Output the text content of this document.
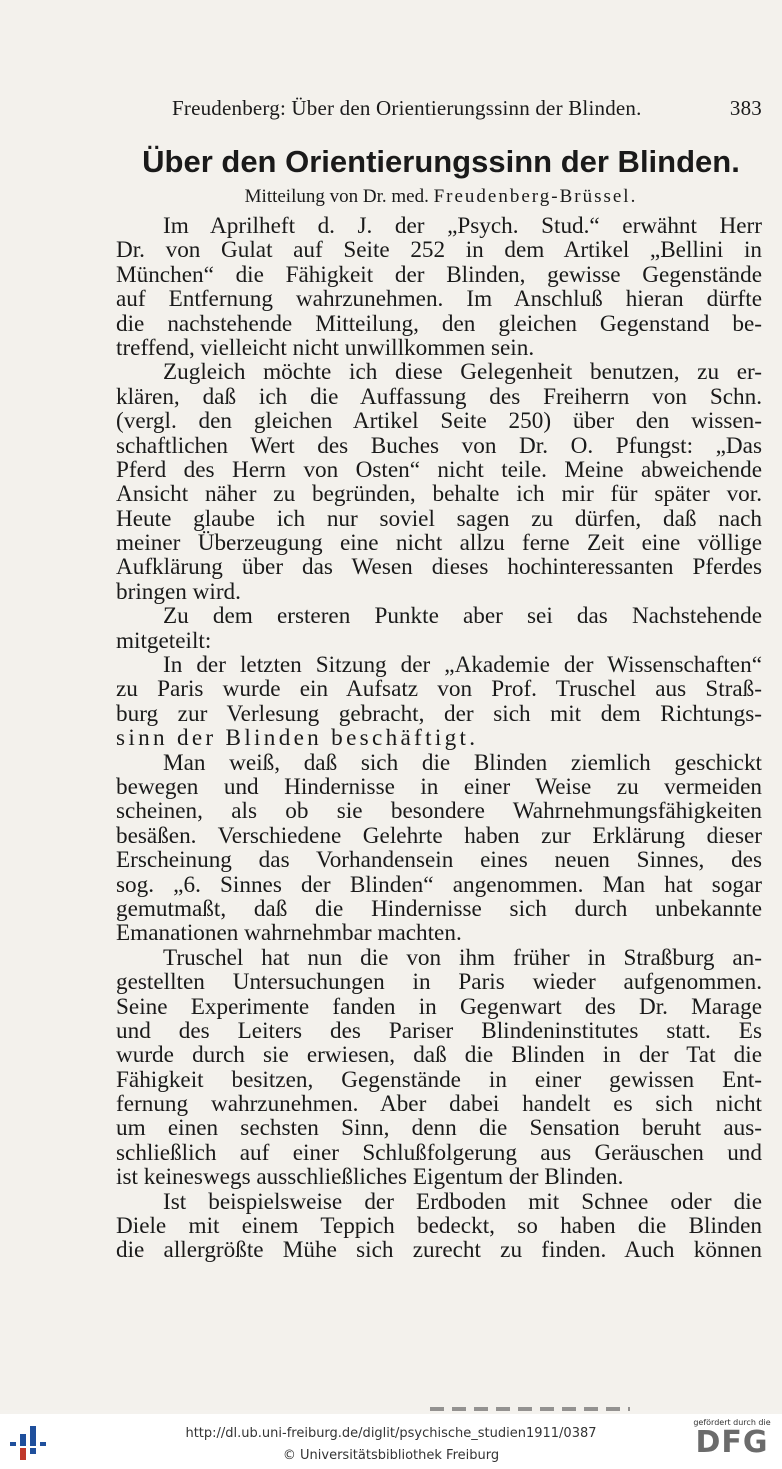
Freudenberg: Über den Orientierungssinn der Blinden.	383
Über den Orientierungssinn der Blinden.
Mitteilung von Dr. med. Freudenberg-Brüssel.
Im Aprilheft d. J. der „Psych. Stud.“ erwähnt Herr
Dr. von Gulat auf Seite 252 in dem Artikel „Bellini in
München“ die Fähigkeit der Blinden, gewisse Gegenstände
auf Entfernung wahrzunehmen. Im Anschluß hieran dürfte
die nachstehende Mitteilung, den gleichen Gegenstand be-
treffend, vielleicht nicht unwillkommen sein.
Zugleich möchte ich diese Gelegenheit benutzen, zu er-
klären, daß ich die Auffassung des Freiherrn von Schn.
(vergl. den gleichen Artikel Seite 250) über den wissen-
schaftlichen Wert des Buches von Dr. O. Pfungst: „Das
Pferd des Herrn von Osten“ nicht teile. Meine abweichende
Ansicht näher zu begründen, behalte ich mir für später vor.
Heute glaube ich nur soviel sagen zu dürfen, daß nach
meiner Überzeugung eine nicht allzu ferne Zeit eine völlige
Aufklärung über das Wesen dieses hochinteressanten Pferdes
bringen wird.
Zu dem ersteren Punkte aber sei das Nachstehende
mitgeteilt:
In der letzten Sitzung der „Akademie der Wissenschaften“
zu Paris wurde ein Aufsatz von Prof. Truschel aus Straß-
burg zur Verlesung gebracht, der sich mit dem Richtungs-
sinn der Blinden beschäftigt.
Man weiß, daß sich die Blinden ziemlich geschickt
bewegen und Hindernisse in einer Weise zu vermeiden
scheinen, als ob sie besondere Wahrnehmungsfähigkeiten
besäßen. Verschiedene Gelehrte haben zur Erklärung dieser
Erscheinung das Vorhandensein eines neuen Sinnes, des
sog. „6. Sinnes der Blinden“ angenommen. Man hat sogar
gemutmaßt, daß die Hindernisse sich durch unbekannte
Emanationen wahrnehmbar machten.
Truschel hat nun die von ihm früher in Straßburg an-
gestellten Untersuchungen in Paris wieder aufgenommen.
Seine Experimente fanden in Gegenwart des Dr. Marage
und des Leiters des Pariser Blindeninstitutes statt. Es
wurde durch sie erwiesen, daß die Blinden in der Tat die
Fähigkeit besitzen, Gegenstände in einer gewissen Ent-
fernung wahrzunehmen. Aber dabei handelt es sich nicht
um einen sechsten Sinn, denn die Sensation beruht aus-
schließlich auf einer Schlußfolgerung aus Geräuschen und
ist keineswegs ausschließliches Eigentum der Blinden.
Ist beispielsweise der Erdboden mit Schnee oder die
Diele mit einem Teppich bedeckt, so haben die Blinden
die allergrößte Mühe sich zurecht zu finden. Auch können
http://dl.ub.uni-freiburg.de/diglit/psychische_studien1911/0387
© Universitätsbibliothek Freiburg
gefördert durch die
DFG
